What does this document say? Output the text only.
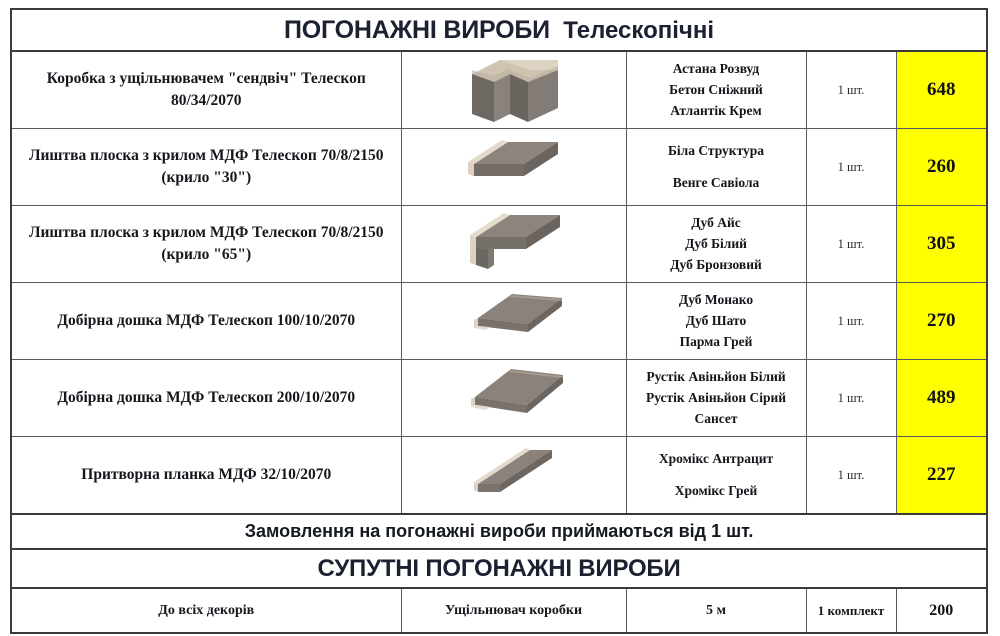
ПОГОНАЖНІ ВИРОБИ Телескопічні				
Коробка з ущільнювачем "сендвіч" Телескоп 80/34/2070		Астана Розвуд
Бетон Сніжний
Атлантік Крем	1 шт.	648
Лиштва плоска з крилом МДФ Телескоп 70/8/2150
(крило "30")		Біла Структура
Венге Савіола	1 шт.	260
Лиштва плоска з крилом МДФ Телескоп 70/8/2150
(крило "65")		Дуб Айс
Дуб Білий
Дуб Бронзовий	1 шт.	305
Добірна дошка МДФ Телескоп 100/10/2070		Дуб Монако
Дуб Шато
Парма Грей	1 шт.	270
Добірна дошка МДФ Телескоп 200/10/2070		Рустік Авіньйон Білий
Рустік Авіньйон Сірий
Сансет	1 шт.	489
Притворна планка МДФ 32/10/2070		Хромікс Антрацит
Хромікс Грей	1 шт.	227
Замовлення на погонажні вироби приймаються від 1 шт.				
СУПУТНІ ПОГОНАЖНІ ВИРОБИ				
До всіх декорів	Ущільнювач коробки	5 м	1 комплект	200
